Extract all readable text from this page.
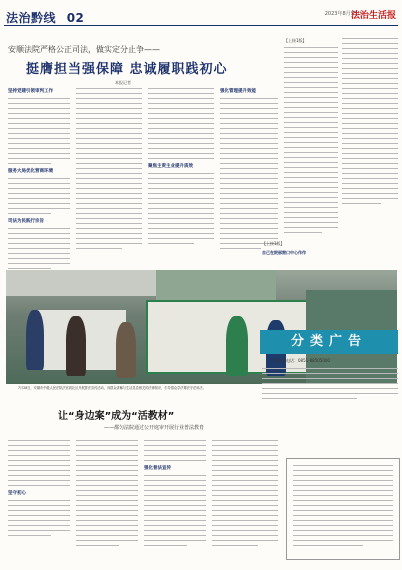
法治黔线 02	2023年8月15日
法治生活报
安顺法院严格公正司法，做实定分止争——
挺膺担当强保障 忠诚履职践初心
本报记者
坚持党建引领审判工作
服务大局优化营商环境
司法为民践行宗旨
聚焦主责主业提升质效
强化管理提升效能
【上接1版】
【上接1版】
自己在院部窗口中心作作
7月28日，安顺市中级人民法院法官到社区开展普法宣传活动，向群众讲解与生活息息相关的法律知识，引导群众学法尊法守法用法。
分类广告
广告服务电话：0851-88505000
让“身边案”成为“活教材”
——都匀法院通过公开庭审开展行业普法教育
坚守初心
强化普法宣传
